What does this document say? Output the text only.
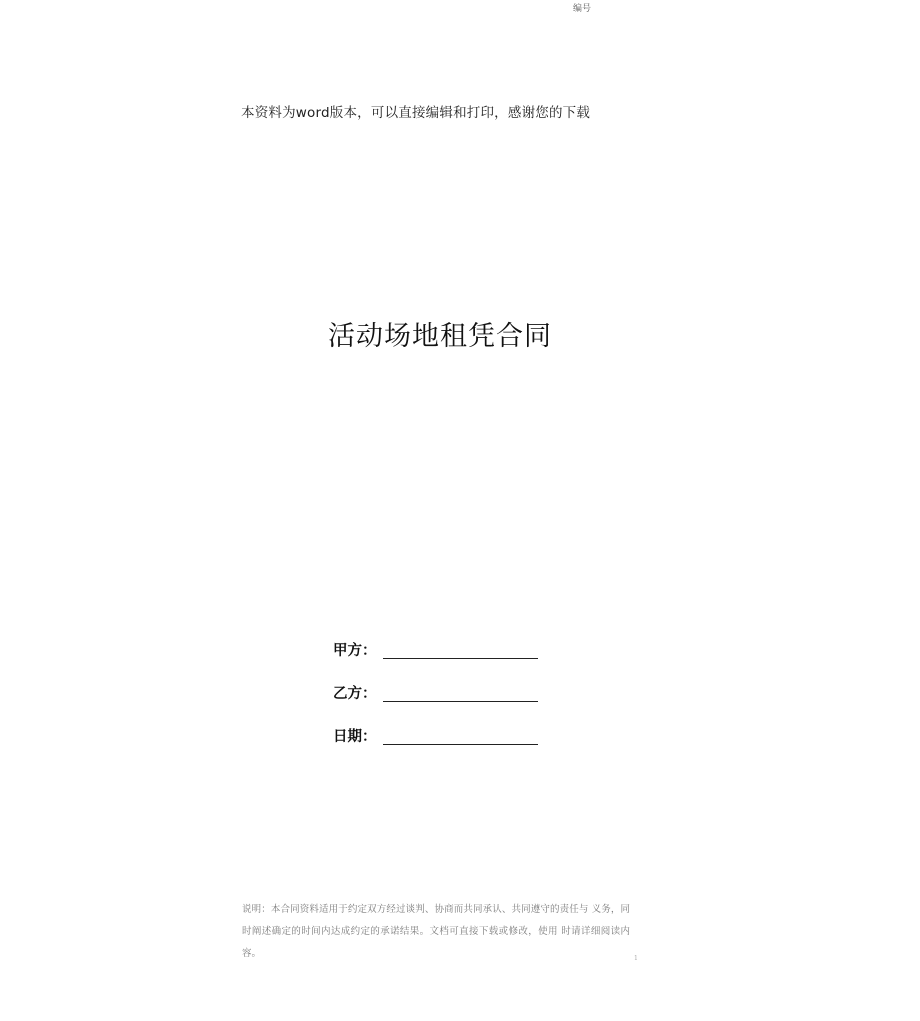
编号
本资料为word版本，可以直接编辑和打印，感谢您的下载
活动场地租凭合同
甲方：
乙方：
日期：
说明：本合同资料适用于约定双方经过谈判、协商而共同承认、共同遵守的责任与 义务，同时阐述确定的时间内达成约定的承诺结果。文档可直接下载或修改，使用 时请详细阅读内容。	1
